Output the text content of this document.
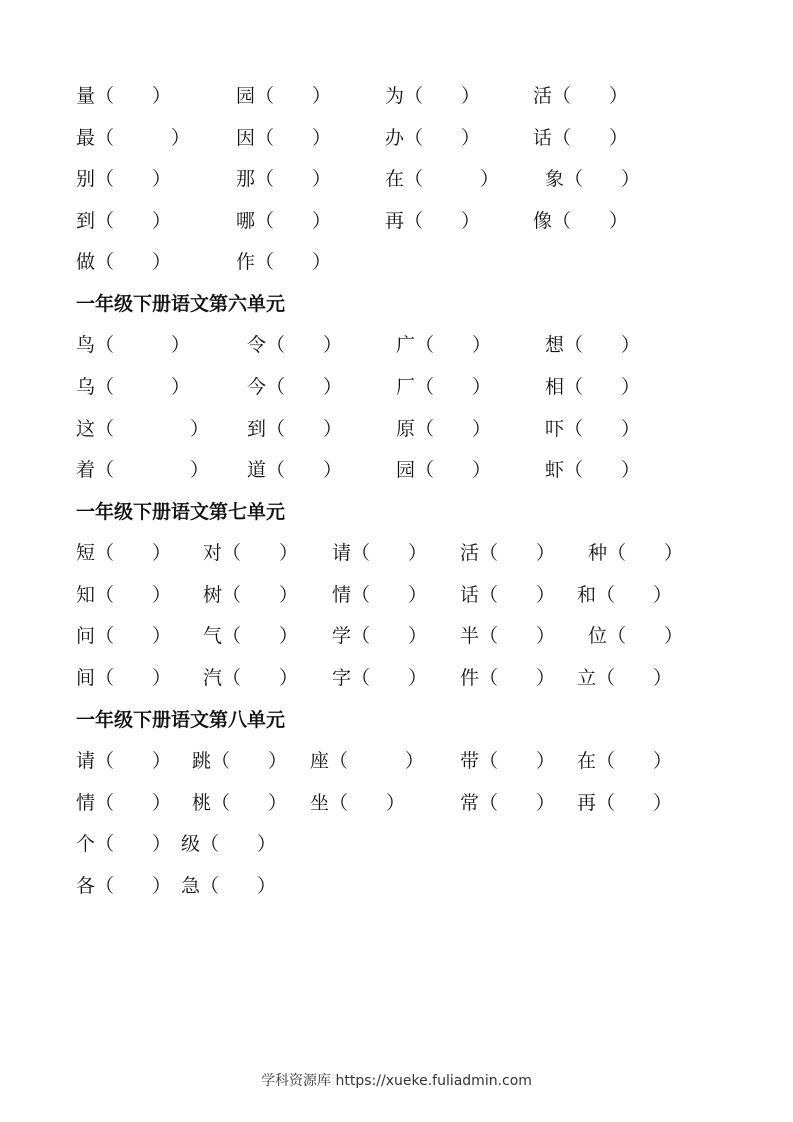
量（　　）	园（　　）	为（　　）	活（　　）
最（　　　） 因（　　）	办（　　）	话（　　）
别（　　）	那（　　）	在（　　　） 象（　　）
到（　　）	哪（　　）	再（　　）	像（　　）
做（　　）	作（　　）
一年级下册语文第六单元
鸟（　　　）	令（　　）	广（　　）	想（　　）
乌（　　　）	今（　　）	厂（　　）	相（　　）
这（　　　　） 到（　　）	原（　　）	吓（　　）
着（　　　　） 道（　　）	园（　　）	虾（　　）
一年级下册语文第七单元
短（　　） 对（　　） 请（　　） 活（　　） 种（　　）
知（　　） 树（　　） 情（　　） 话（　　） 和（　　）
问（　　） 气（　　） 学（　　） 半（　　） 位（　　）
间（　　） 汽（　　） 字（　　） 件（　　） 立（　　）
一年级下册语文第八单元
请（　　） 跳（　　） 座（　　　） 带（　　） 在（　　）
情（　　） 桃（　　） 坐（　　）	常（　　） 再（　　）
个（　　） 级（　　）
各（　　） 急（　　）
学科资源库 https://xueke.fuliadmin.com
